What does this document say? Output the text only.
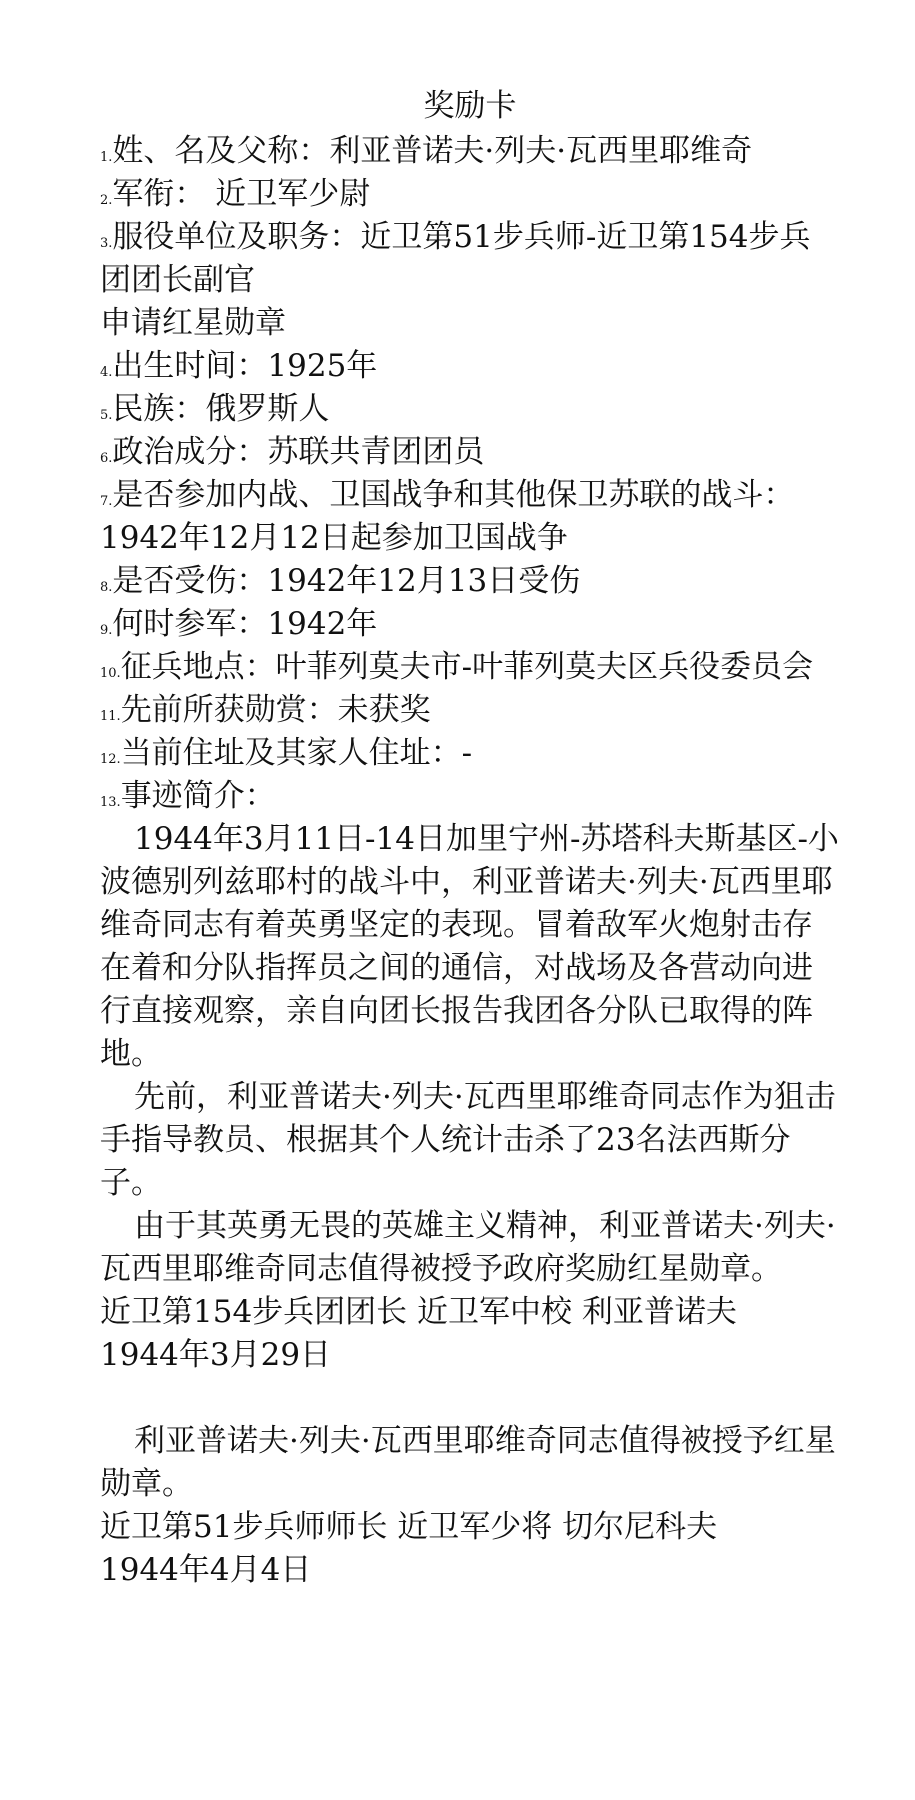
奖励卡
1.姓、名及父称：利亚普诺夫·列夫·瓦西里耶维奇
2.军衔： 近卫军少尉
3.服役单位及职务：近卫第51步兵师-近卫第154步兵团团长副官
申请红星勋章
4.出生时间：1925年
5.民族：俄罗斯人
6.政治成分：苏联共青团团员
7.是否参加内战、卫国战争和其他保卫苏联的战斗：1942年12月12日起参加卫国战争
8.是否受伤：1942年12月13日受伤
9.何时参军：1942年
10.征兵地点：叶菲列莫夫市-叶菲列莫夫区兵役委员会
11.先前所获勋赏：未获奖
12.当前住址及其家人住址：-
13.事迹简介：
1944年3月11日-14日加里宁州-苏塔科夫斯基区-小波德别列兹耶村的战斗中，利亚普诺夫·列夫·瓦西里耶维奇同志有着英勇坚定的表现。冒着敌军火炮射击存在着和分队指挥员之间的通信，对战场及各营动向进行直接观察，亲自向团长报告我团各分队已取得的阵地。
先前，利亚普诺夫·列夫·瓦西里耶维奇同志作为狙击手指导教员、根据其个人统计击杀了23名法西斯分子。
由于其英勇无畏的英雄主义精神，利亚普诺夫·列夫·瓦西里耶维奇同志值得被授予政府奖励红星勋章。
近卫第154步兵团团长 近卫军中校 利亚普诺夫
1944年3月29日
利亚普诺夫·列夫·瓦西里耶维奇同志值得被授予红星勋章。
近卫第51步兵师师长 近卫军少将 切尔尼科夫
1944年4月4日
